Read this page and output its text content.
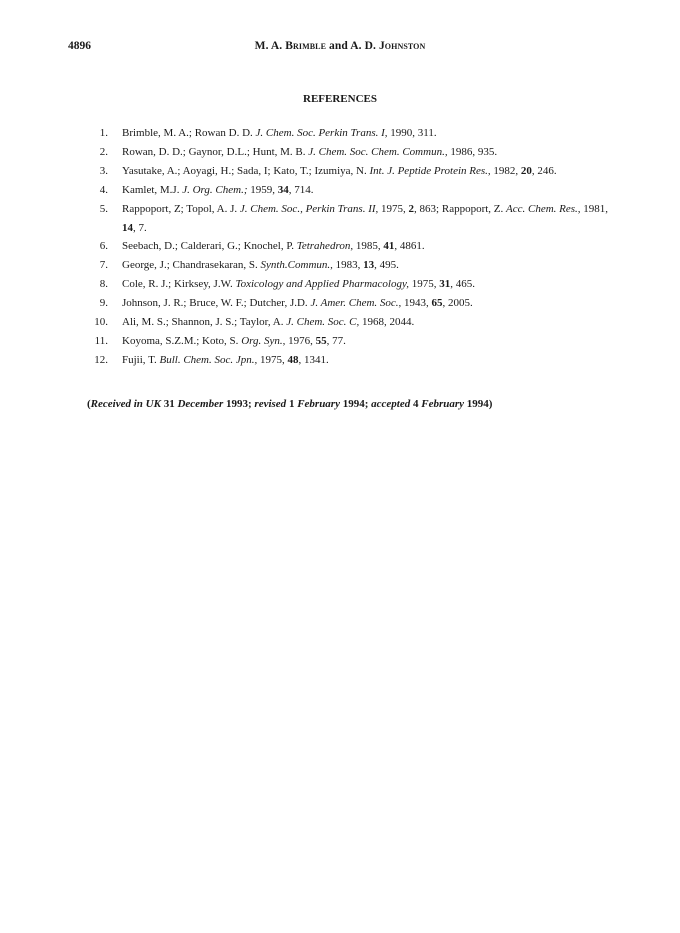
4896	M. A. Brimble and A. D. Johnston
REFERENCES
1 . Brimble, M. A.; Rowan D. D. J. Chem. Soc. Perkin Trans. I, 1990, 311.
2 . Rowan, D. D.; Gaynor, D.L.; Hunt, M. B. J. Chem. Soc. Chem. Commun., 1986, 935.
3 . Yasutake, A.; Aoyagi, H.; Sada, I; Kato, T.; Izumiya, N. Int. J. Peptide Protein Res., 1982, 20, 246.
4 . Kamlet, M.J. J. Org. Chem.; 1959, 34, 714.
5 . Rappoport, Z; Topol, A. J. J. Chem. Soc., Perkin Trans. II, 1975, 2, 863; Rappoport, Z. Acc. Chem. Res., 1981, 14, 7.
6 . Seebach, D.; Calderari, G.; Knochel, P. Tetrahedron, 1985, 41, 4861.
7 . George, J.; Chandrasekaran, S. Synth.Commun., 1983, 13, 495.
8 . Cole, R. J.; Kirksey, J.W. Toxicology and Applied Pharmacology, 1975, 31, 465.
9 . Johnson, J. R.; Bruce, W. F.; Dutcher, J.D. J. Amer. Chem. Soc., 1943, 65, 2005.
10 . Ali, M. S.; Shannon, J. S.; Taylor, A. J. Chem. Soc. C, 1968, 2044.
11 . Koyoma, S.Z.M.; Koto, S. Org. Syn., 1976, 55, 77.
12 . Fujii, T. Bull. Chem. Soc. Jpn., 1975, 48, 1341.
(Received in UK 31 December 1993; revised 1 February 1994; accepted 4 February 1994)
